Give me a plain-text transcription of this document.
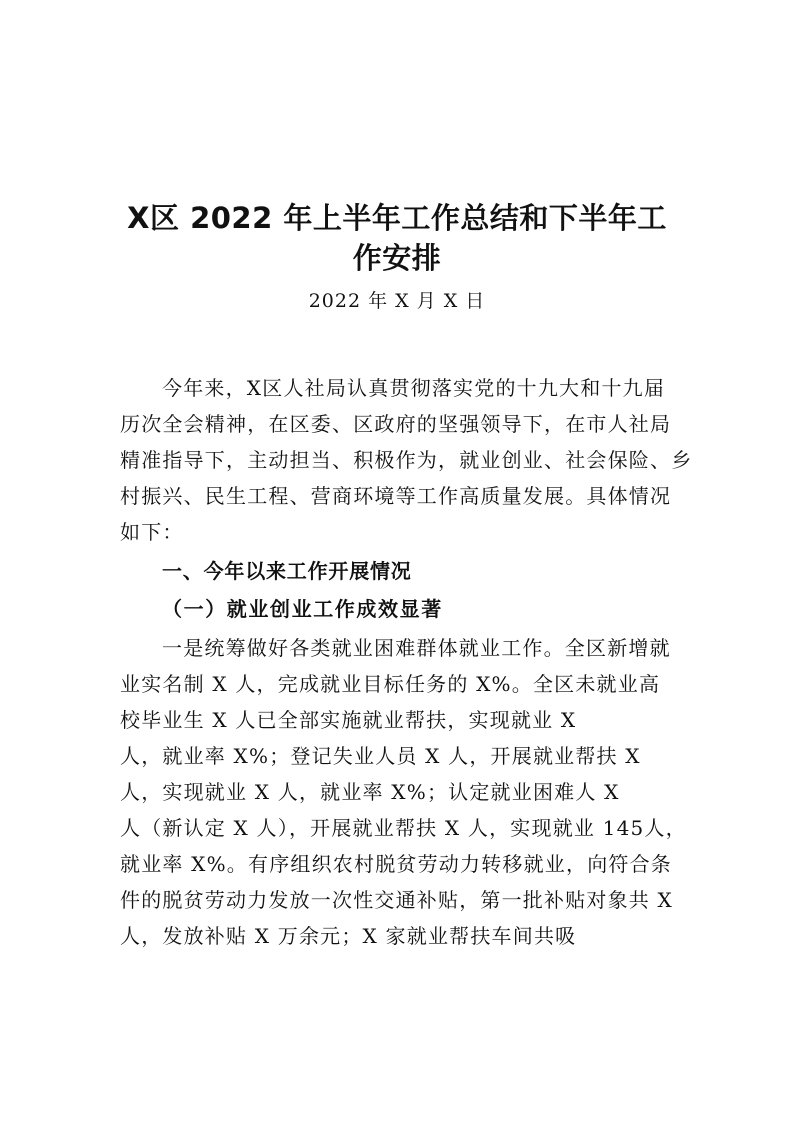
X区 2022 年上半年工作总结和下半年工
作安排
2022 年 X 月 X 日
今年来，X区人社局认真贯彻落实党的十九大和十九届
历次全会精神，在区委、区政府的坚强领导下，在市人社局
精准指导下，主动担当、积极作为，就业创业、社会保险、乡
村振兴、民生工程、营商环境等工作高质量发展。具体情况
如下：
一、今年以来工作开展情况
（一）就业创业工作成效显著
一是统筹做好各类就业困难群体就业工作。全区新增就
业实名制 X 人，完成就业目标任务的 X%。全区未就业高
校毕业生 X 人已全部实施就业帮扶，实现就业 X
人，就业率 X%；登记失业人员 X 人，开展就业帮扶 X
人，实现就业 X 人，就业率 X%；认定就业困难人 X
人（新认定 X 人），开展就业帮扶 X 人，实现就业 145人，
就业率 X%。有序组织农村脱贫劳动力转移就业，向符合条
件的脱贫劳动力发放一次性交通补贴，第一批补贴对象共 X
人，发放补贴 X 万余元；X 家就业帮扶车间共吸
